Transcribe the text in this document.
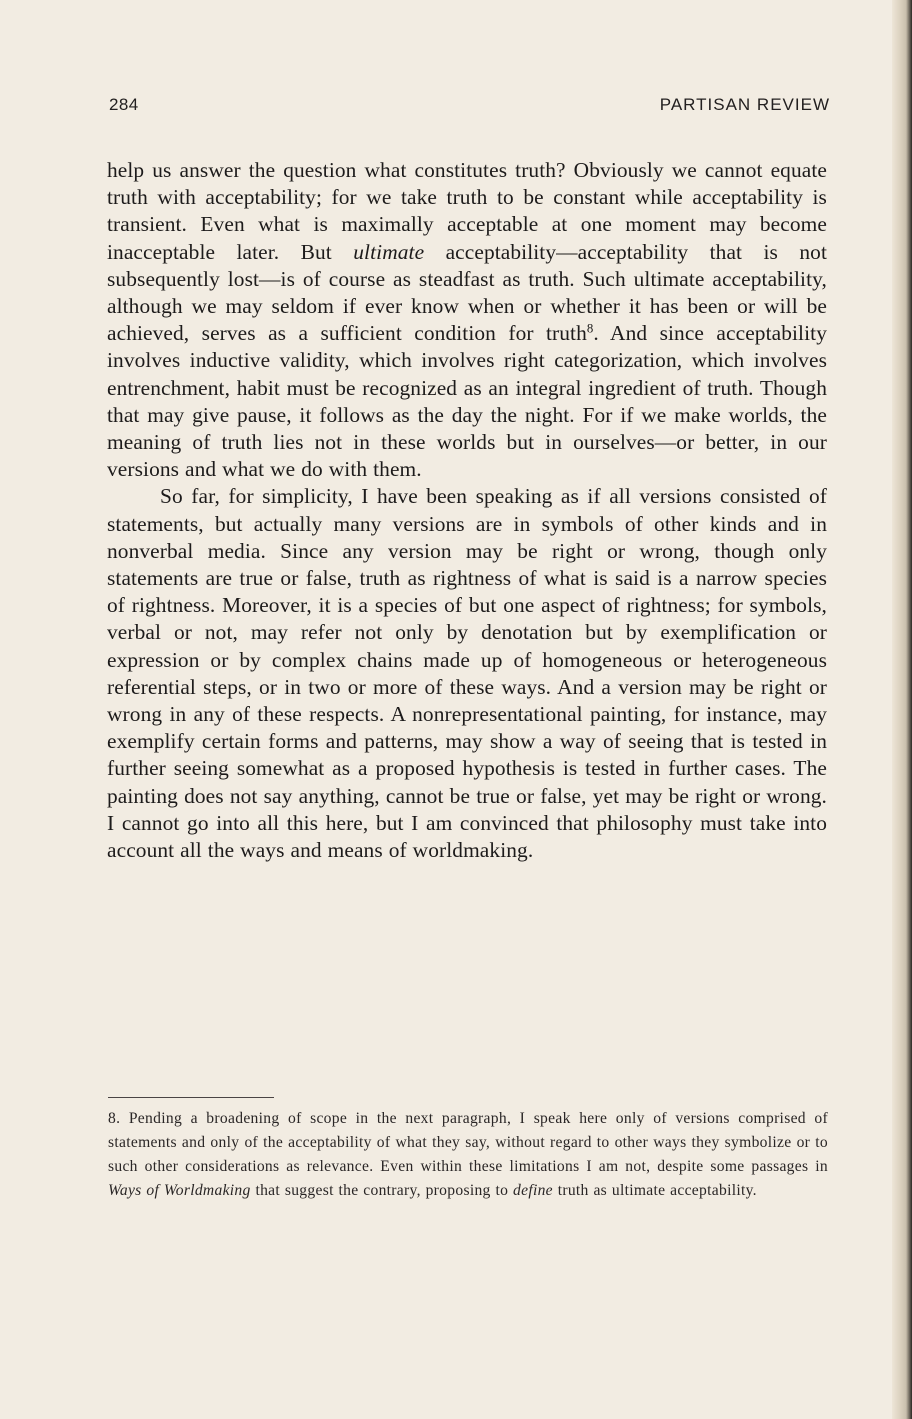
284	PARTISAN REVIEW

help us answer the question what constitutes truth? Obviously we cannot equate truth with acceptability; for we take truth to be constant while acceptability is transient. Even what is maximally acceptable at one moment may become inacceptable later. But ultimate acceptability—acceptability that is not subsequently lost—is of course as steadfast as truth. Such ultimate acceptability, although we may seldom if ever know when or whether it has been or will be achieved, serves as a sufficient condition for truth$^8$. And since acceptability involves inductive validity, which involves right categorization, which involves entrenchment, habit must be recognized as an integral ingredient of truth. Though that may give pause, it follows as the day the night. For if we make worlds, the meaning of truth lies not in these worlds but in ourselves—or better, in our versions and what we do with them.

So far, for simplicity, I have been speaking as if all versions consisted of statements, but actually many versions are in symbols of other kinds and in nonverbal media. Since any version may be right or wrong, though only statements are true or false, truth as rightness of what is said is a narrow species of rightness. Moreover, it is a species of but one aspect of rightness; for symbols, verbal or not, may refer not only by denotation but by exemplification or expression or by complex chains made up of homogeneous or heterogeneous referential steps, or in two or more of these ways. And a version may be right or wrong in any of these respects. A nonrepresentational painting, for instance, may exemplify certain forms and patterns, may show a way of seeing that is tested in further seeing somewhat as a proposed hypothesis is tested in further cases. The painting does not say anything, cannot be true or false, yet may be right or wrong. I cannot go into all this here, but I am convinced that philosophy must take into account all the ways and means of worldmaking.

8. Pending a broadening of scope in the next paragraph, I speak here only of versions comprised of statements and only of the acceptability of what they say, without regard to other ways they symbolize or to such other considerations as relevance. Even within these limitations I am not, despite some passages in Ways of Worldmaking that suggest the contrary, proposing to define truth as ultimate acceptability.
